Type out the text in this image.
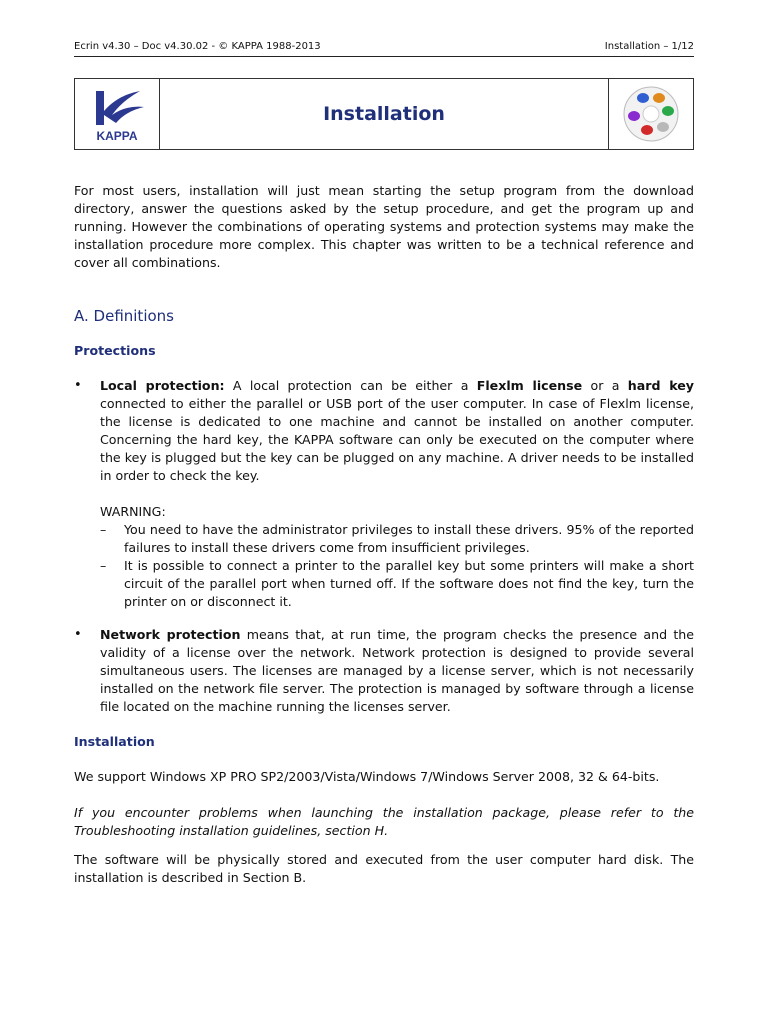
Ecrin v4.30 – Doc v4.30.02 - © KAPPA 1988-2013	Installation – 1/12
KAPPA
Installation
For most users, installation will just mean starting the setup program from the download directory, answer the questions asked by the setup procedure, and get the program up and running. However the combinations of operating systems and protection systems may make the installation procedure more complex. This chapter was written to be a technical reference and cover all combinations.
A. Definitions
Protections
• Local protection: A local protection can be either a Flexlm license or a hard key connected to either the parallel or USB port of the user computer. In case of Flexlm license, the license is dedicated to one machine and cannot be installed on another computer. Concerning the hard key, the KAPPA software can only be executed on the computer where the key is plugged but the key can be plugged on any machine. A driver needs to be installed in order to check the key.
WARNING:
– You need to have the administrator privileges to install these drivers. 95% of the reported failures to install these drivers come from insufficient privileges.
– It is possible to connect a printer to the parallel key but some printers will make a short circuit of the parallel port when turned off. If the software does not find the key, turn the printer on or disconnect it.
• Network protection means that, at run time, the program checks the presence and the validity of a license over the network. Network protection is designed to provide several simultaneous users. The licenses are managed by a license server, which is not necessarily installed on the network file server. The protection is managed by software through a license file located on the machine running the licenses server.
Installation
We support Windows XP PRO SP2/2003/Vista/Windows 7/Windows Server 2008, 32 & 64-bits.
If you encounter problems when launching the installation package, please refer to the Troubleshooting installation guidelines, section H.
The software will be physically stored and executed from the user computer hard disk. The installation is described in Section B.
